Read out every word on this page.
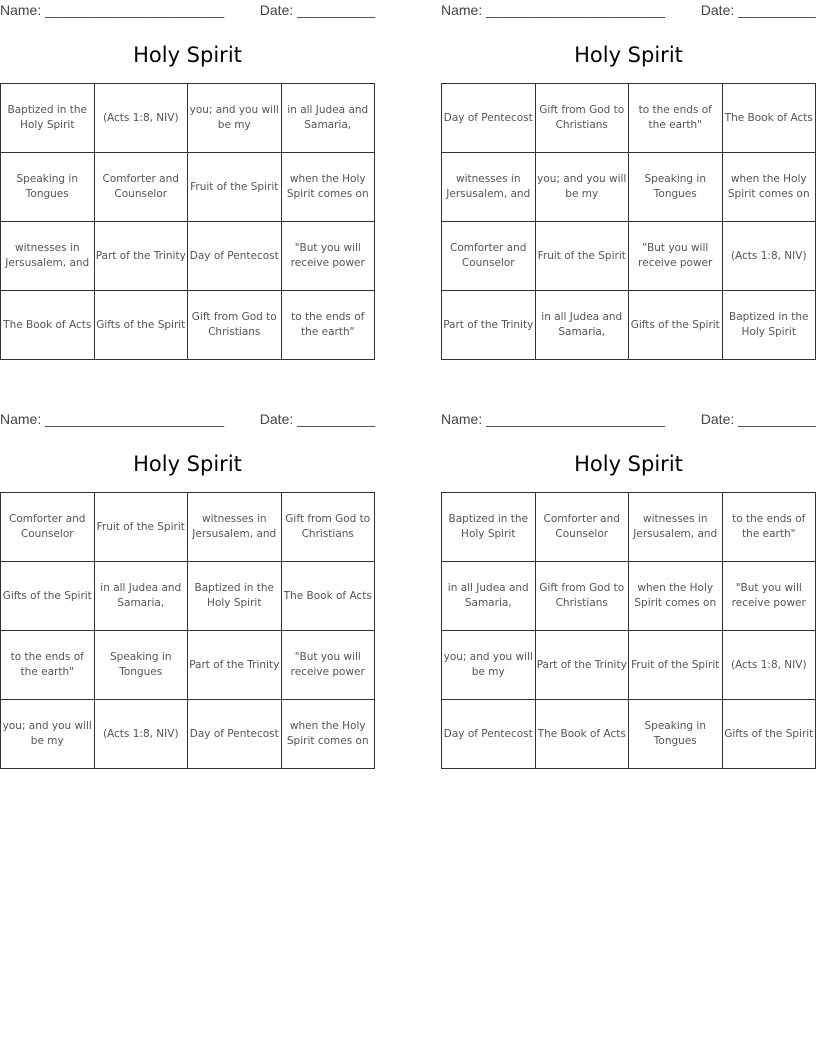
Name: _______________________	Date: __________
Holy Spirit
Baptized in the Holy Spirit	(Acts 1:8, NIV)	you; and you will be my	in all Judea and Samaria,
Speaking in Tongues	Comforter and Counselor	Fruit of the Spirit	when the Holy Spirit comes on
witnesses in Jersusalem, and	Part of the Trinity	Day of Pentecost	"But you will receive power
The Book of Acts	Gifts of the Spirit	Gift from God to Christians	to the ends of the earth"
Name: _______________________	Date: __________
Holy Spirit
Day of Pentecost	Gift from God to Christians	to the ends of the earth"	The Book of Acts
witnesses in Jersusalem, and	you; and you will be my	Speaking in Tongues	when the Holy Spirit comes on
Comforter and Counselor	Fruit of the Spirit	"But you will receive power	(Acts 1:8, NIV)
Part of the Trinity	in all Judea and Samaria,	Gifts of the Spirit	Baptized in the Holy Spirit
Name: _______________________	Date: __________
Holy Spirit
Comforter and Counselor	Fruit of the Spirit	witnesses in Jersusalem, and	Gift from God to Christians
Gifts of the Spirit	in all Judea and Samaria,	Baptized in the Holy Spirit	The Book of Acts
to the ends of the earth"	Speaking in Tongues	Part of the Trinity	"But you will receive power
you; and you will be my	(Acts 1:8, NIV)	Day of Pentecost	when the Holy Spirit comes on
Name: _______________________	Date: __________
Holy Spirit
Baptized in the Holy Spirit	Comforter and Counselor	witnesses in Jersusalem, and	to the ends of the earth"
in all Judea and Samaria,	Gift from God to Christians	when the Holy Spirit comes on	"But you will receive power
you; and you will be my	Part of the Trinity	Fruit of the Spirit	(Acts 1:8, NIV)
Day of Pentecost	The Book of Acts	Speaking in Tongues	Gifts of the Spirit
